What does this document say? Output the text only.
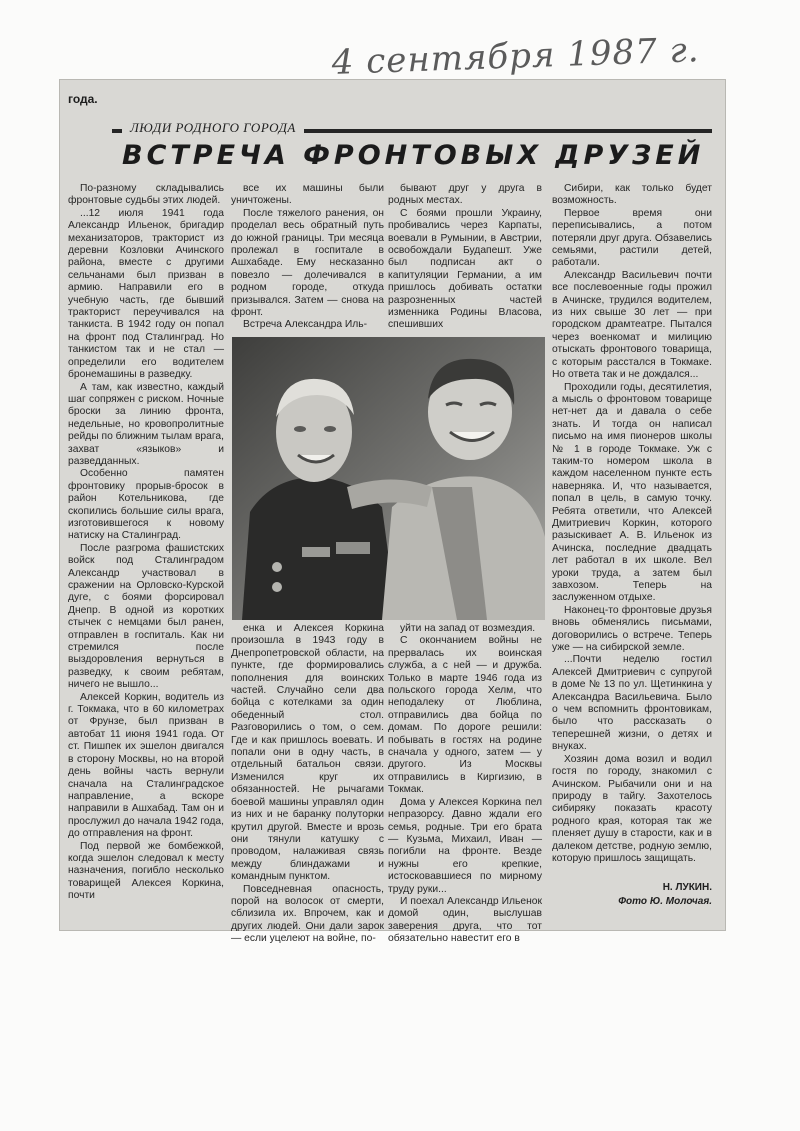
4 сентября 1987 г.
года.
ЛЮДИ РОДНОГО ГОРОДА
ВСТРЕЧА ФРОНТОВЫХ ДРУЗЕЙ

По-разному складывались фронтовые судьбы этих людей.

...12 июля 1941 года Александр Ильенок, бригадир механизаторов, тракторист из деревни Козловки Ачинского района, вместе с другими сельчанами был призван в армию. Направили его в учебную часть, где бывший тракторист переучивался на танкиста. В 1942 году он попал на фронт под Сталинград. Но танкистом так и не стал — определили его водителем бронемашины в разведку.

А там, как известно, каждый шаг сопряжен с риском. Ночные броски за линию фронта, недельные, но кровопролитные рейды по ближним тылам врага, захват «языков» и разведданных.

Особенно памятен фронтовику прорыв-бросок в район Котельникова, где скопились большие силы врага, изготовившегося к новому натиску на Сталинград.

После разгрома фашистских войск под Сталинградом Александр участвовал в сражении на Орловско-Курской дуге, с боями форсировал Днепр. В одной из коротких стычек с немцами был ранен, отправлен в госпиталь. Как ни стремился после выздоровления вернуться в разведку, к своим ребятам, ничего не вышло...

Алексей Коркин, водитель из г. Токмака, что в 60 километрах от Фрунзе, был призван в автобат 11 июня 1941 года. От ст. Пишпек их эшелон двигался в сторону Москвы, но на второй день войны часть вернули сначала на Сталинградское направление, а вскоре направили в Ашхабад. Там он и прослужил до начала 1942 года, до отправления на фронт.

Под первой же бомбежкой, когда эшелон следовал к месту назначения, погибло несколько товарищей Алексея Коркина, почти

все их машины были уничтожены.

После тяжелого ранения, он проделал весь обратный путь до южной границы. Три месяца пролежал в госпитале в Ашхабаде. Ему несказанно повезло — долечивался в родном городе, откуда призывался. Затем — снова на фронт.

Встреча Александра Иль-

бывают друг у друга в родных местах.

С боями прошли Украину, пробивались через Карпаты, воевали в Румынии, в Австрии, освобождали Будапешт. Уже был подписан акт о капитуляции Германии, а им пришлось добивать остатки разрозненных частей изменника Родины Власова, спешивших

Сибири, как только будет возможность.

Первое время они переписывались, а потом потеряли друг друга. Обзавелись семьями, растили детей, работали.

Александр Васильевич почти все послевоенные годы прожил в Ачинске, трудился водителем, из них свыше 30 лет — при городском драмтеатре. Пытался через военкомат и милицию отыскать фронтового товарища, с которым расстался в Токмаке. Но ответа так и не дождался...

Проходили годы, десятилетия, а мысль о фронтовом товарище нет-нет да и давала о себе знать. И тогда он написал письмо на имя пионеров школы № 1 в городе Токмаке. Уж с таким-то номером школа в каждом населенном пункте есть наверняка. И, что называется, попал в цель, в самую точку. Ребята ответили, что Алексей Дмитриевич Коркин, которого разыскивает А. В. Ильенок из Ачинска, последние двадцать лет работал в их школе. Вел уроки труда, а затем был завхозом. Теперь на заслуженном отдыхе.

Наконец-то фронтовые друзья вновь обменялись письмами, договорились о встрече. Теперь уже — на сибирской земле.

...Почти неделю гостил Алексей Дмитриевич с супругой в доме № 13 по ул. Щетинкина у Александра Васильевича. Было о чем вспомнить фронтовикам, было что рассказать о теперешней жизни, о детях и внуках.

Хозяин дома возил и водил гостя по городу, знакомил с Ачинском. Рыбачили они и на природу в тайгу. Захотелось сибиряку показать красоту родного края, которая так же пленяет душу в старости, как и в далеком детстве, родную землю, которую пришлось защищать.

енка и Алексея Коркина произошла в 1943 году в Днепропетровской области, на пункте, где формировались пополнения для воинских частей. Случайно сели два бойца с котелками за один обеденный стол. Разговорились о том, о сем. Где и как пришлось воевать. И попали они в одну часть, в отдельный батальон связи. Изменился круг их обязанностей. Не рычагами боевой машины управлял один из них и не баранку полуторки крутил другой. Вместе и врозь они тянули катушку с проводом, налаживая связь между блиндажами и командным пунктом.

Повседневная опасность, порой на волосок от смерти, сблизила их. Впрочем, как и других людей. Они дали зарок — если уцелеют на войне, по-

уйти на запад от возмездия.

С окончанием войны не прервалась их воинская служба, а с ней — и дружба. Только в марте 1946 года из польского города Хелм, что неподалеку от Люблина, отправились два бойца по домам. По дороге решили: побывать в гостях на родине сначала у одного, затем — у другого. Из Москвы отправились в Киргизию, в Токмак.

Дома у Алексея Коркина пел непразорсу. Давно ждали его семья, родные. Три его брата — Кузьма, Михаил, Иван — погибли на фронте. Везде нужны его крепкие, истосковавшиеся по мирному труду руки...

И поехал Александр Ильенок домой один, выслушав заверения друга, что тот обязательно навестит его в

Н. ЛУКИН.
Фото Ю. Молочая.
